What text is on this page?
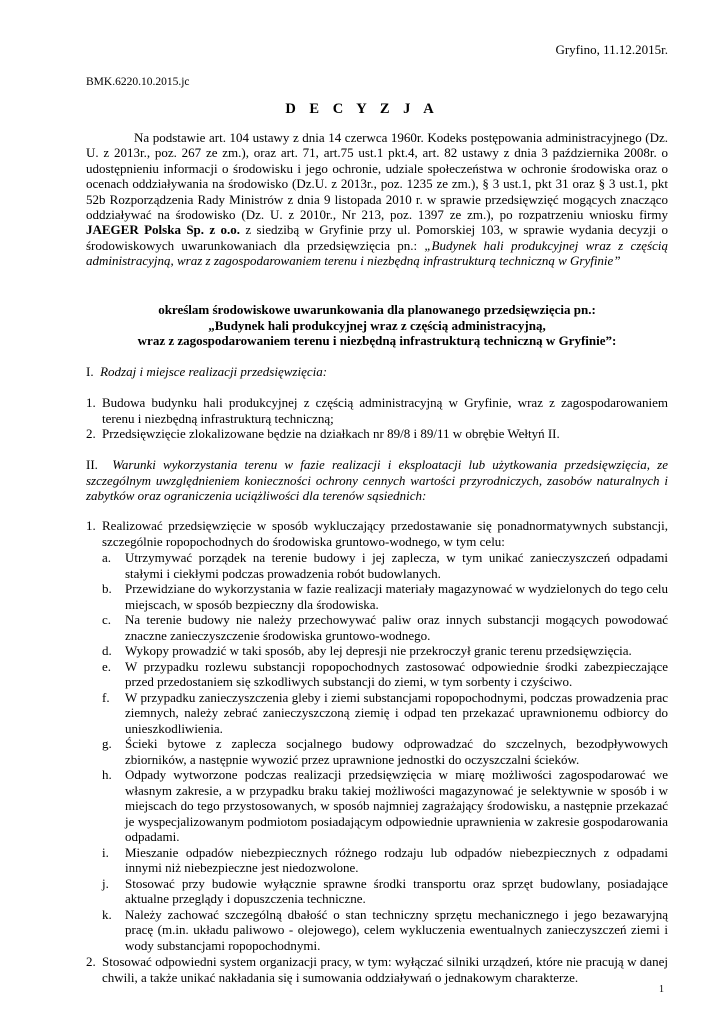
Gryfino, 11.12.2015r.
BMK.6220.10.2015.jc
D E C Y Z J A

Na podstawie art. 104 ustawy z dnia 14 czerwca 1960r. Kodeks postępowania administracyjnego (Dz. U. z 2013r., poz. 267 ze zm.), oraz art. 71, art.75 ust.1 pkt.4, art. 82 ustawy z dnia 3 października 2008r. o udostępnieniu informacji o środowisku i jego ochronie, udziale społeczeństwa w ochronie środowiska oraz o ocenach oddziaływania na środowisko (Dz.U. z 2013r., poz. 1235 ze zm.), § 3 ust.1, pkt 31 oraz § 3 ust.1, pkt 52b Rozporządzenia Rady Ministrów z dnia 9 listopada 2010 r. w sprawie przedsięwzięć mogących znacząco oddziaływać na środowisko (Dz. U. z 2010r., Nr 213, poz. 1397 ze zm.), po rozpatrzeniu wniosku firmy JAEGER Polska Sp. z o.o. z siedzibą w Gryfinie przy ul. Pomorskiej 103, w sprawie wydania decyzji o środowiskowych uwarunkowaniach dla przedsięwzięcia pn.: „Budynek hali produkcyjnej wraz z częścią administracyjną, wraz z zagospodarowaniem terenu i niezbędną infrastrukturą techniczną w Gryfinie”

określam środowiskowe uwarunkowania dla planowanego przedsięwzięcia pn.:
„Budynek hali produkcyjnej wraz z częścią administracyjną,
wraz z zagospodarowaniem terenu i niezbędną infrastrukturą techniczną w Gryfinie”:
I. Rodzaj i miejsce realizacji przedsięwzięcia:
1. Budowa budynku hali produkcyjnej z częścią administracyjną w Gryfinie, wraz z zagospodarowaniem terenu i niezbędną infrastrukturą techniczną;
2. Przedsięwzięcie zlokalizowane będzie na działkach nr 89/8 i 89/11 w obrębie Wełtyń II.

II. Warunki wykorzystania terenu w fazie realizacji i eksploatacji lub użytkowania przedsięwzięcia, ze szczególnym uwzględnieniem konieczności ochrony cennych wartości przyrodniczych, zasobów naturalnych i zabytków oraz ograniczenia uciążliwości dla terenów sąsiednich:

1. Realizować przedsięwzięcie w sposób wykluczający przedostawanie się ponadnormatywnych substancji, szczególnie ropopochodnych do środowiska gruntowo-wodnego, w tym celu:
a.	Utrzymywać porządek na terenie budowy i jej zaplecza, w tym unikać zanieczyszczeń odpadami stałymi i ciekłymi podczas prowadzenia robót budowlanych.
b.	Przewidziane do wykorzystania w fazie realizacji materiały magazynować w wydzielonych do tego celu miejscach, w sposób bezpieczny dla środowiska.
c.	Na terenie budowy nie należy przechowywać paliw oraz innych substancji mogących powodować znaczne zanieczyszczenie środowiska gruntowo-wodnego.
d.	Wykopy prowadzić w taki sposób, aby lej depresji nie przekroczył granic terenu przedsięwzięcia.
e.	W przypadku rozlewu substancji ropopochodnych zastosować odpowiednie środki zabezpieczające przed przedostaniem się szkodliwych substancji do ziemi, w tym sorbenty i czyściwo.
f.	W przypadku zanieczyszczenia gleby i ziemi substancjami ropopochodnymi, podczas prowadzenia prac ziemnych, należy zebrać zanieczyszczoną ziemię i odpad ten przekazać uprawnionemu odbiorcy do unieszkodliwienia.
g.	Ścieki bytowe z zaplecza socjalnego budowy odprowadzać do szczelnych, bezodpływowych zbiorników, a następnie wywozić przez uprawnione jednostki do oczyszczalni ścieków.
h.	Odpady wytworzone podczas realizacji przedsięwzięcia w miarę możliwości zagospodarować we własnym zakresie, a w przypadku braku takiej możliwości magazynować je selektywnie w sposób i w miejscach do tego przystosowanych, w sposób najmniej zagrażający środowisku, a następnie przekazać je wyspecjalizowanym podmiotom posiadającym odpowiednie uprawnienia w zakresie gospodarowania odpadami.
i.	Mieszanie odpadów niebezpiecznych różnego rodzaju lub odpadów niebezpiecznych z odpadami innymi niż niebezpieczne jest niedozwolone.
j.	Stosować przy budowie wyłącznie sprawne środki transportu oraz sprzęt budowlany, posiadające aktualne przeglądy i dopuszczenia techniczne.
k.	Należy zachować szczególną dbałość o stan techniczny sprzętu mechanicznego i jego bezawaryjną pracę (m.in. układu paliwowo - olejowego), celem wykluczenia ewentualnych zanieczyszczeń ziemi i wody substancjami ropopochodnymi.
2. Stosować odpowiedni system organizacji pracy, w tym: wyłączać silniki urządzeń, które nie pracują w danej chwili, a także unikać nakładania się i sumowania oddziaływań o jednakowym charakterze.
1
